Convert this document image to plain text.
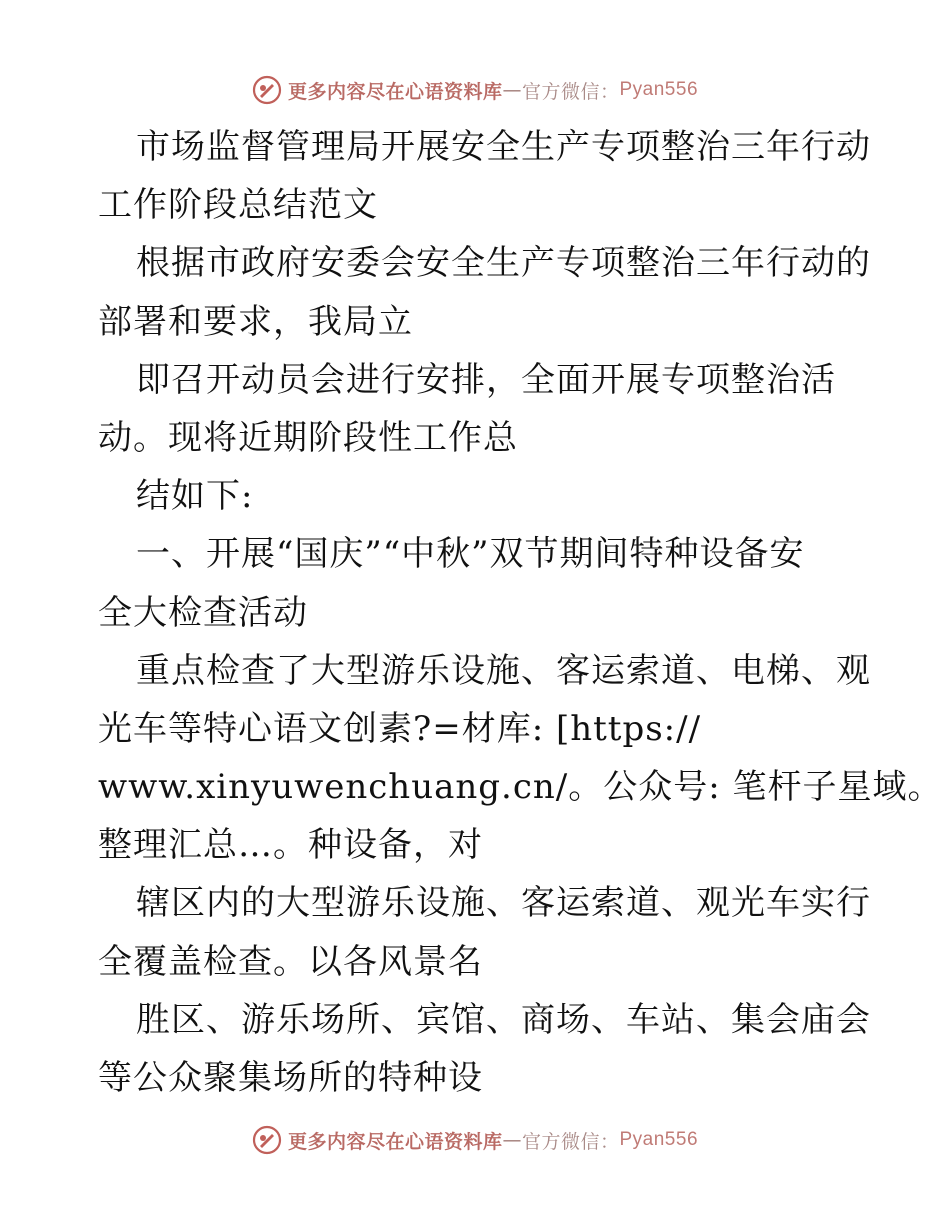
更多内容尽在心语资料库 — 官方微信： Pyan556
市场监督管理局开展安全生产专项整治三年行动
工作阶段总结范文
根据市政府安委会安全生产专项整治三年行动的
部署和要求，我局立
即召开动员会进行安排，全面开展专项整治活
动。现将近期阶段性工作总
结如下:
一、开展“国庆”“中秋”双节期间特种设备安
全大检查活动
重点检查了大型游乐设施、客运索道、电梯、观
光车等特心语文创素?=材库: [https://
www.xinyuwenchuang.cn/。公众号: 笔杆子星域。
整理汇总…。种设备，对
辖区内的大型游乐设施、客运索道、观光车实行
全覆盖检查。以各风景名
胜区、游乐场所、宾馆、商场、车站、集会庙会
等公众聚集场所的特种设
更多内容尽在心语资料库 — 官方微信： Pyan556
